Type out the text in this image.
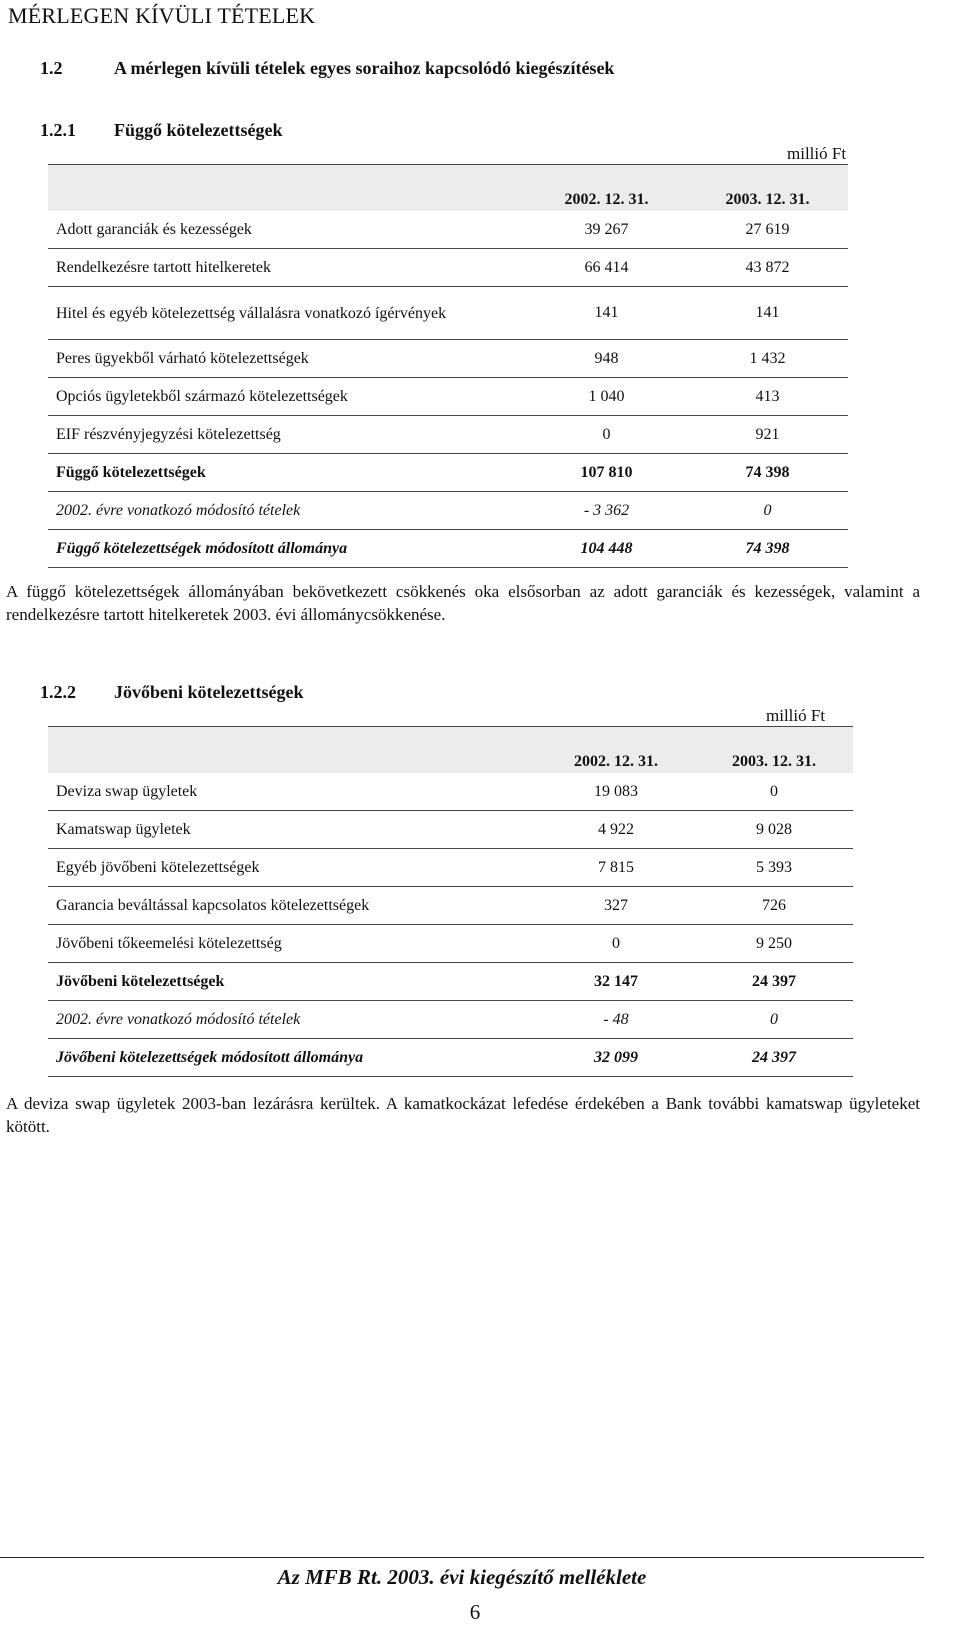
MÉRLEGEN KÍVÜLI TÉTELEK
1.2	A mérlegen kívüli tételek egyes soraihoz kapcsolódó kiegészítések
1.2.1 Függő kötelezettségek
millió Ft
	2002. 12. 31.	2003. 12. 31.
Adott garanciák és kezességek	39 267	27 619
Rendelkezésre tartott hitelkeretek	66 414	43 872
Hitel és egyéb kötelezettség vállalásra vonatkozó ígérvények	141	141
Peres ügyekből várható kötelezettségek	948	1 432
Opciós ügyletekből származó kötelezettségek	1 040	413
EIF részvényjegyzési kötelezettség	0	921
Függő kötelezettségek	107 810	74 398
2002. évre vonatkozó módosító tételek	- 3 362	0
Függő kötelezettségek módosított állománya	104 448	74 398
A függő kötelezettségek állományában bekövetkezett csökkenés oka elsősorban az adott garanciák és kezességek, valamint a rendelkezésre tartott hitelkeretek 2003. évi állománycsökkenése.
1.2.2 Jövőbeni kötelezettségek
millió Ft
	2002. 12. 31.	2003. 12. 31.
Deviza swap ügyletek	19 083	0
Kamatswap ügyletek	4 922	9 028
Egyéb jövőbeni kötelezettségek	7 815	5 393
Garancia beváltással kapcsolatos kötelezettségek	327	726
Jövőbeni tőkeemelési kötelezettség	0	9 250
Jövőbeni kötelezettségek	32 147	24 397
2002. évre vonatkozó módosító tételek	- 48	0
Jövőbeni kötelezettségek módosított állománya	32 099	24 397
A deviza swap ügyletek 2003-ban lezárásra kerültek. A kamatkockázat lefedése érdekében a Bank további kamatswap ügyleteket kötött.
Az MFB Rt. 2003. évi kiegészítő melléklete
6
